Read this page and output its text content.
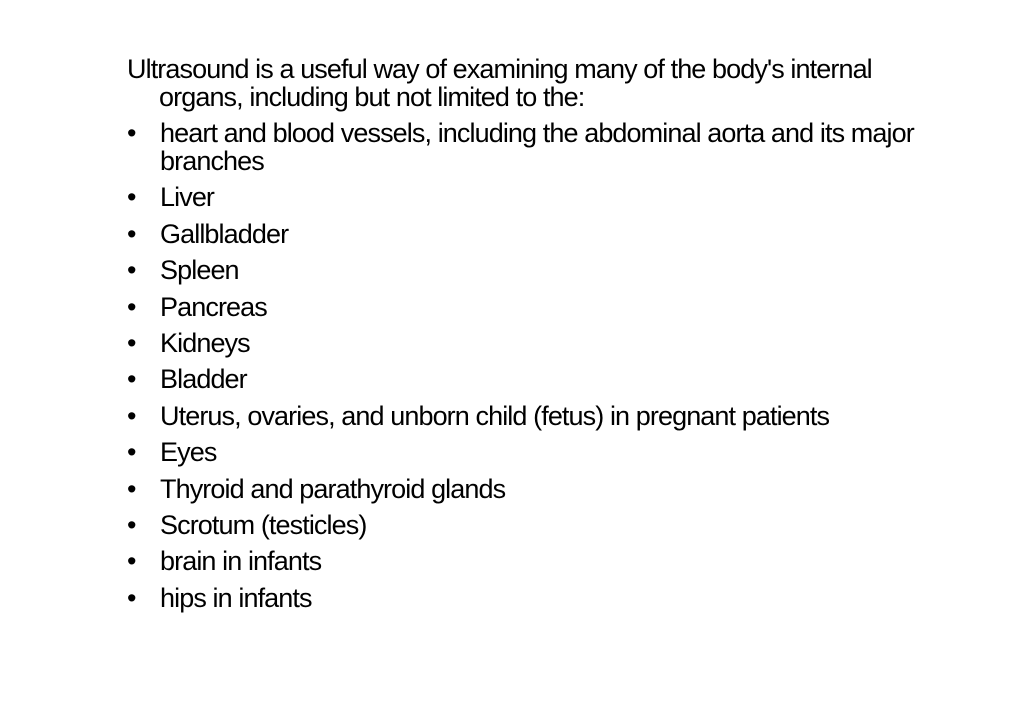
Ultrasound is a useful way of examining many of the body's internal organs, including but not limited to the:

• heart and blood vessels, including the abdominal aorta and its major branches
• Liver
• Gallbladder
• Spleen
• Pancreas
• Kidneys
• Bladder
• Uterus, ovaries, and unborn child (fetus) in pregnant patients
• Eyes
• Thyroid and parathyroid glands
• Scrotum (testicles)
• brain in infants
• hips in infants
